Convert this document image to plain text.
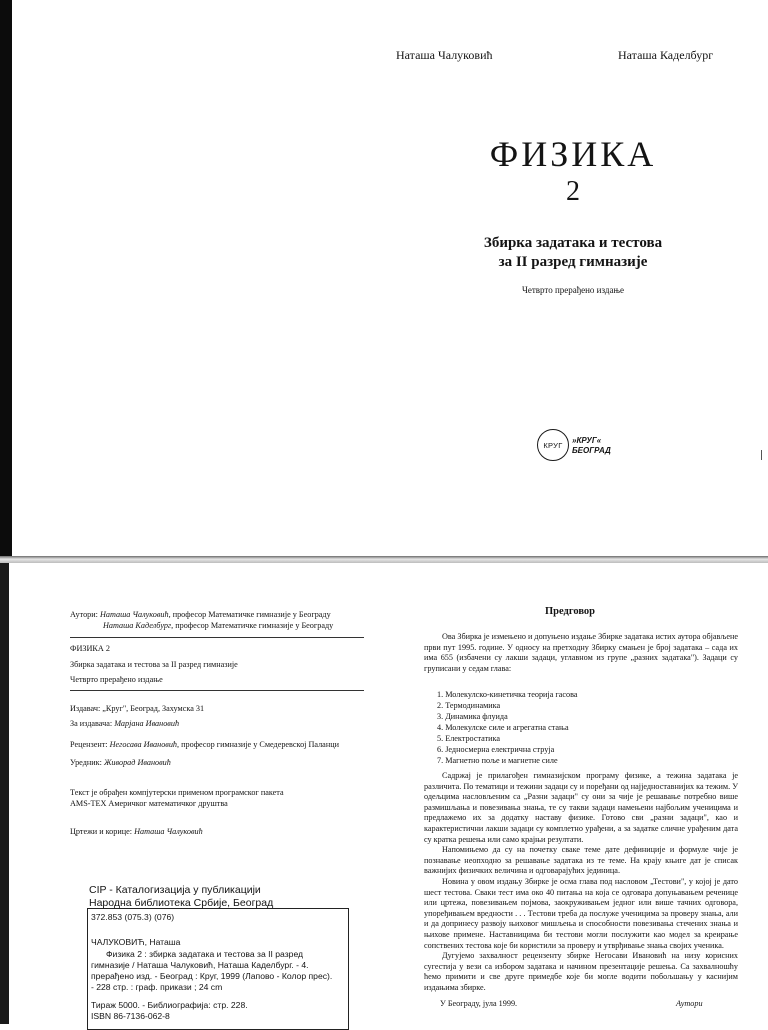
Наташа Чалуковић	Наташа Каделбург
ФИЗИКА
2
Збирка задатака и тестова
за II разред гимназије
Четврто прерађено издање
КРУГ »КРУГ«
БЕОГРАД
Аутори: Наташа Чалуковић, професор Математичке гимназије у Београду
Наташа Каделбург, професор Математичке гимназије у Београду
ФИЗИКА 2
Збирка задатака и тестова за II разред гимназије
Четврто прерађено издање
Издавач: „Круг", Београд, Захумска 31
За издавача: Марјана Ивановић
Рецензент: Негосава Ивановић, професор гимназије у Смедеревској Паланци
Уредник: Живорад Ивановић
Текст је обрађен компјутерски применом програмског пакета
AMS-TEX Америчког математичког друштва
Цртежи и корице: Наташа Чалуковић
CIP - Каталогизација у публикацији
Народна библиотека Србије, Београд
372.853 (075.3) (076)
ЧАЛУКОВИЋ, Наташа
Физика 2 : збирка задатака и тестова за II разред
гимназије / Наташа Чалуковић, Наташа Каделбург. - 4.
прерађено изд. - Београд : Круг, 1999 (Лапово - Колор прес).
- 228 стр. : граф. прикази ; 24 cm
Тираж 5000. - Библиографија: стр. 228.
ISBN 86-7136-062-8
Предговор

Ова Збирка је измењено и допуњено издање Збирке задатака истих аутора објављене први пут 1995. године. У односу на претходну Збирку смањен је број задатака – сада их има 655 (избачени су лакши задаци, углавном из групе „разних задатака"). Задаци су груписани у седам глава:

1. Молекулско-кинетичка теорија гасова
2. Термодинамика
3. Динамика флуида
4. Молекулске силе и агрегатна стања
5. Електростатика
6. Једносмерна електрична струја
7. Магнетно поље и магнетне силе

Садржај је прилагођен гимназијском програму физике, а тежина задатака је различита. По тематици и тежини задаци су и поређани од најједноставнијих ка тежим. У одељцима насловљеним са „Разни задаци" су они за чије је решавање потребно више размишљања и повезивања знања, те су такви задаци намењени најбољим ученицима и предлажемо их за додатку наставу физике. Готово сви „разни задаци", као и карактеристични лакши задаци су комплетно урађени, а за задатке сличне урађеним дата су кратка решења или само крајњи резултати.

Напомињемо да су на почетку сваке теме дате дефиниције и формуле чије је познавање неопходно за решавање задатака из те теме. На крају књиге дат је списак важнијих физичких величина и одговарајућих јединица.

Новина у овом издању Збирке је осма глава под насловом „Тестови", у којој је дато шест тестова. Сваки тест има око 40 питања на која се одговара допуњавањем реченице или цртежа, повезивањем појмова, заокруживањем једног или више тачних одговора, упоређивањем вредности . . . Тестови треба да послуже ученицима за проверу знања, али и да допринесу развоју њиховог мишљења и способности повезивања стечених знања и њихове примене. Наставницима би тестови могли послужити као модел за креирање сопствених тестова које би користили за проверу и утврђивање знања својих ученика.

Дугујемо захвалност рецензенту збирке Негосави Ивановић на низу корисних сугестија у вези са избором задатака и начином презентације решења. Са захвалношћу ћемо примити и све друге примедбе које би могле водити побољшању у каснијим издањима збирке.

У Београду, јула 1999.	Аутори
